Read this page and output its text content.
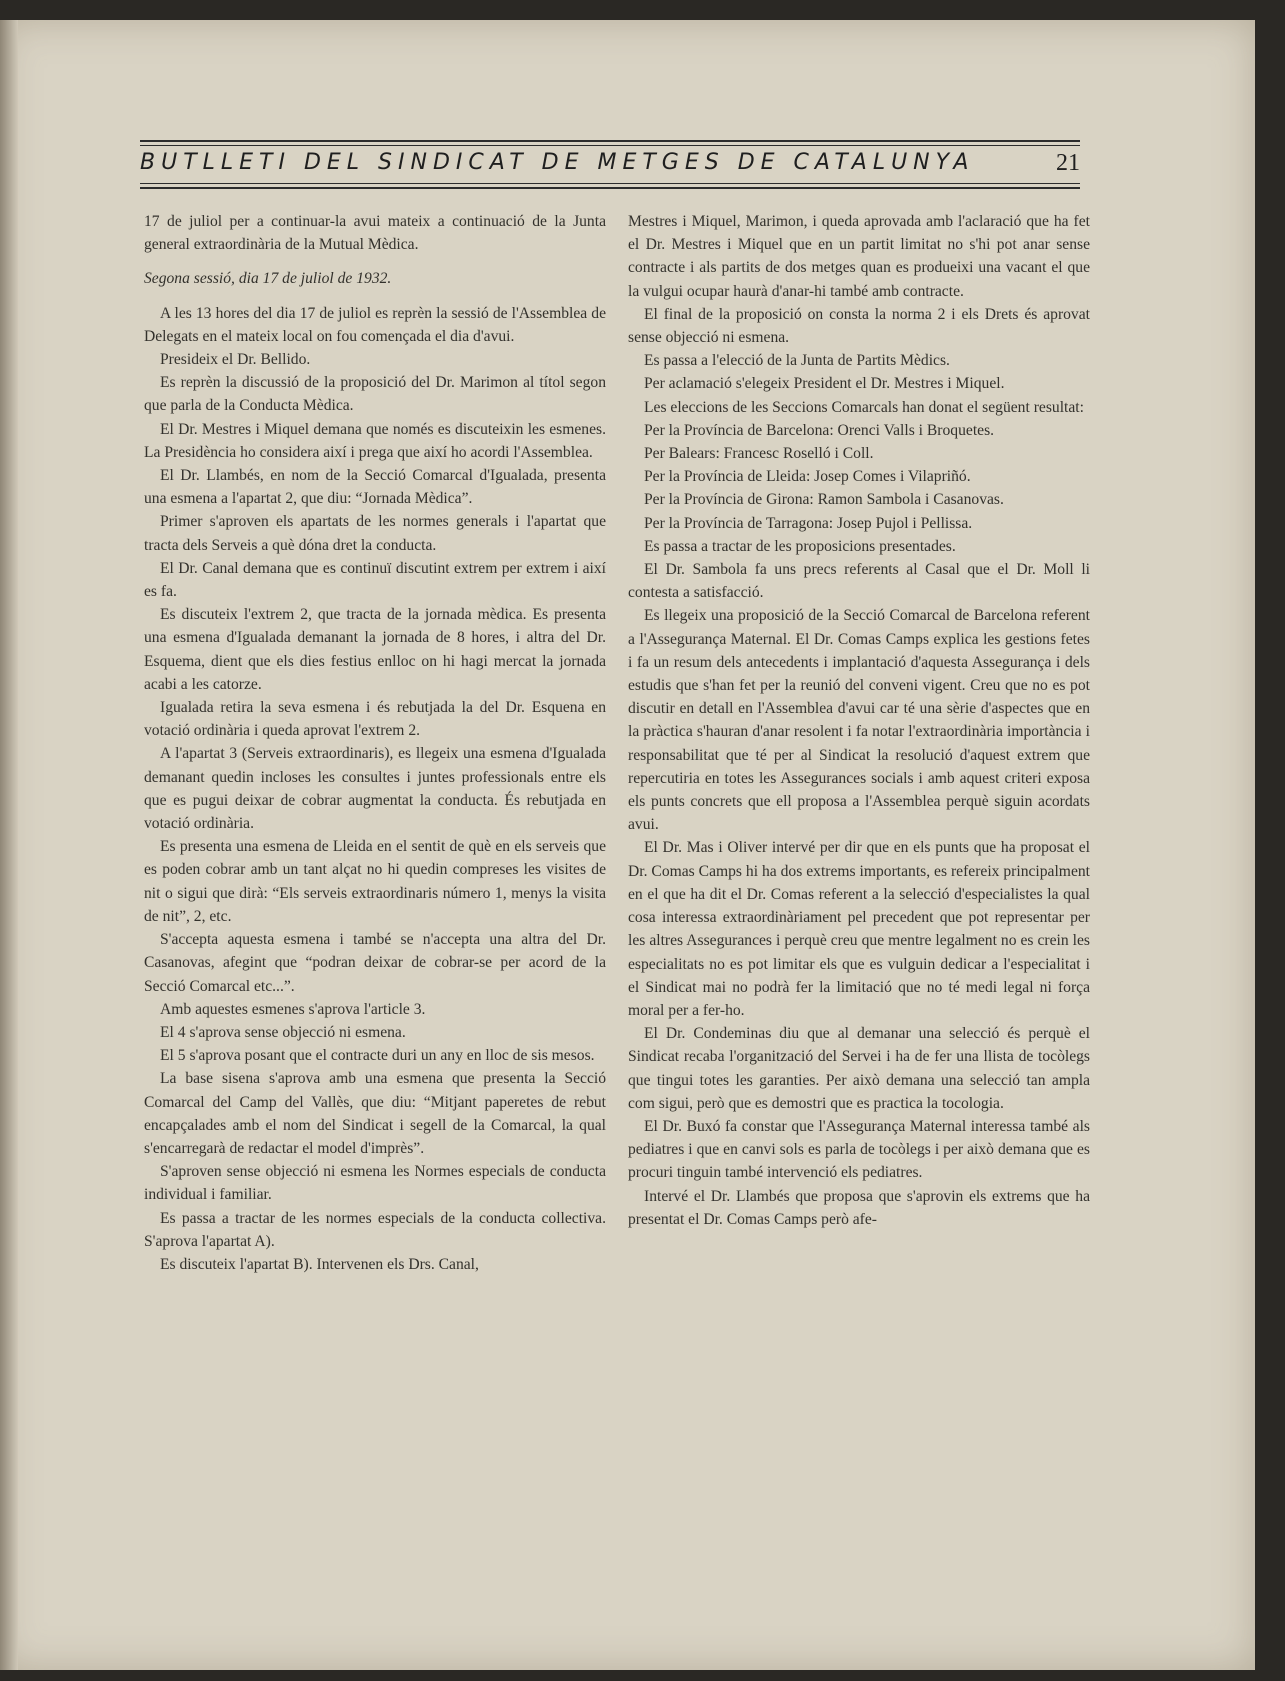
BUTLLETI DEL SINDICAT DE METGES DE CATALUNYA	21

17 de juliol per a continuar-la avui mateix a continuació de la Junta general extraordinària de la Mutual Mèdica.

Segona sessió, dia 17 de juliol de 1932.

A les 13 hores del dia 17 de juliol es reprèn la sessió de l'Assemblea de Delegats en el mateix local on fou començada el dia d'avui.

Presideix el Dr. Bellido.

Es reprèn la discussió de la proposició del Dr. Marimon al títol segon que parla de la Conducta Mèdica.

El Dr. Mestres i Miquel demana que només es discuteixin les esmenes. La Presidència ho considera així i prega que així ho acordi l'Assemblea.

El Dr. Llambés, en nom de la Secció Comarcal d'Igualada, presenta una esmena a l'apartat 2, que diu: “Jornada Mèdica”.

Primer s'aproven els apartats de les normes generals i l'apartat que tracta dels Serveis a què dóna dret la conducta.

El Dr. Canal demana que es continuï discutint extrem per extrem i així es fa.

Es discuteix l'extrem 2, que tracta de la jornada mèdica. Es presenta una esmena d'Igualada demanant la jornada de 8 hores, i altra del Dr. Esquema, dient que els dies festius enlloc on hi hagi mercat la jornada acabi a les catorze.

Igualada retira la seva esmena i és rebutjada la del Dr. Esquena en votació ordinària i queda aprovat l'extrem 2.

A l'apartat 3 (Serveis extraordinaris), es llegeix una esmena d'Igualada demanant quedin incloses les consultes i juntes professionals entre els que es pugui deixar de cobrar augmentat la conducta. És rebutjada en votació ordinària.

Es presenta una esmena de Lleida en el sentit de què en els serveis que es poden cobrar amb un tant alçat no hi quedin compreses les visites de nit o sigui que dirà: “Els serveis extraordinaris número 1, menys la visita de nit”, 2, etc.

S'accepta aquesta esmena i també se n'accepta una altra del Dr. Casanovas, afegint que “podran deixar de cobrar-se per acord de la Secció Comarcal etc...”.

Amb aquestes esmenes s'aprova l'article 3.

El 4 s'aprova sense objecció ni esmena.

El 5 s'aprova posant que el contracte duri un any en lloc de sis mesos.

La base sisena s'aprova amb una esmena que presenta la Secció Comarcal del Camp del Vallès, que diu: “Mitjant paperetes de rebut encapçalades amb el nom del Sindicat i segell de la Comarcal, la qual s'encarregarà de redactar el model d'imprès”.

S'aproven sense objecció ni esmena les Normes especials de conducta individual i familiar.

Es passa a tractar de les normes especials de la conducta collectiva. S'aprova l'apartat A).

Es discuteix l'apartat B). Intervenen els Drs. Canal,

Mestres i Miquel, Marimon, i queda aprovada amb l'aclaració que ha fet el Dr. Mestres i Miquel que en un partit limitat no s'hi pot anar sense contracte i als partits de dos metges quan es produeixi una vacant el que la vulgui ocupar haurà d'anar-hi també amb contracte.

El final de la proposició on consta la norma 2 i els Drets és aprovat sense objecció ni esmena.

Es passa a l'elecció de la Junta de Partits Mèdics.

Per aclamació s'elegeix President el Dr. Mestres i Miquel.

Les eleccions de les Seccions Comarcals han donat el següent resultat:

Per la Província de Barcelona: Orenci Valls i Broquetes.

Per Balears: Francesc Roselló i Coll.

Per la Província de Lleida: Josep Comes i Vilapriñó.

Per la Província de Girona: Ramon Sambola i Casanovas.

Per la Província de Tarragona: Josep Pujol i Pellissa.

Es passa a tractar de les proposicions presentades.

El Dr. Sambola fa uns precs referents al Casal que el Dr. Moll li contesta a satisfacció.

Es llegeix una proposició de la Secció Comarcal de Barcelona referent a l'Assegurança Maternal. El Dr. Comas Camps explica les gestions fetes i fa un resum dels antecedents i implantació d'aquesta Assegurança i dels estudis que s'han fet per la reunió del conveni vigent. Creu que no es pot discutir en detall en l'Assemblea d'avui car té una sèrie d'aspectes que en la pràctica s'hauran d'anar resolent i fa notar l'extraordinària importància i responsabilitat que té per al Sindicat la resolució d'aquest extrem que repercutiria en totes les Assegurances socials i amb aquest criteri exposa els punts concrets que ell proposa a l'Assemblea perquè siguin acordats avui.

El Dr. Mas i Oliver intervé per dir que en els punts que ha proposat el Dr. Comas Camps hi ha dos extrems importants, es refereix principalment en el que ha dit el Dr. Comas referent a la selecció d'especialistes la qual cosa interessa extraordinàriament pel precedent que pot representar per les altres Assegurances i perquè creu que mentre legalment no es crein les especialitats no es pot limitar els que es vulguin dedicar a l'especialitat i el Sindicat mai no podrà fer la limitació que no té medi legal ni força moral per a fer-ho.

El Dr. Condeminas diu que al demanar una selecció és perquè el Sindicat recaba l'organització del Servei i ha de fer una llista de tocòlegs que tingui totes les garanties. Per això demana una selecció tan ampla com sigui, però que es demostri que es practica la tocologia.

El Dr. Buxó fa constar que l'Assegurança Maternal interessa també als pediatres i que en canvi sols es parla de tocòlegs i per això demana que es procuri tinguin també intervenció els pediatres.

Intervé el Dr. Llambés que proposa que s'aprovin els extrems que ha presentat el Dr. Comas Camps però afe-
